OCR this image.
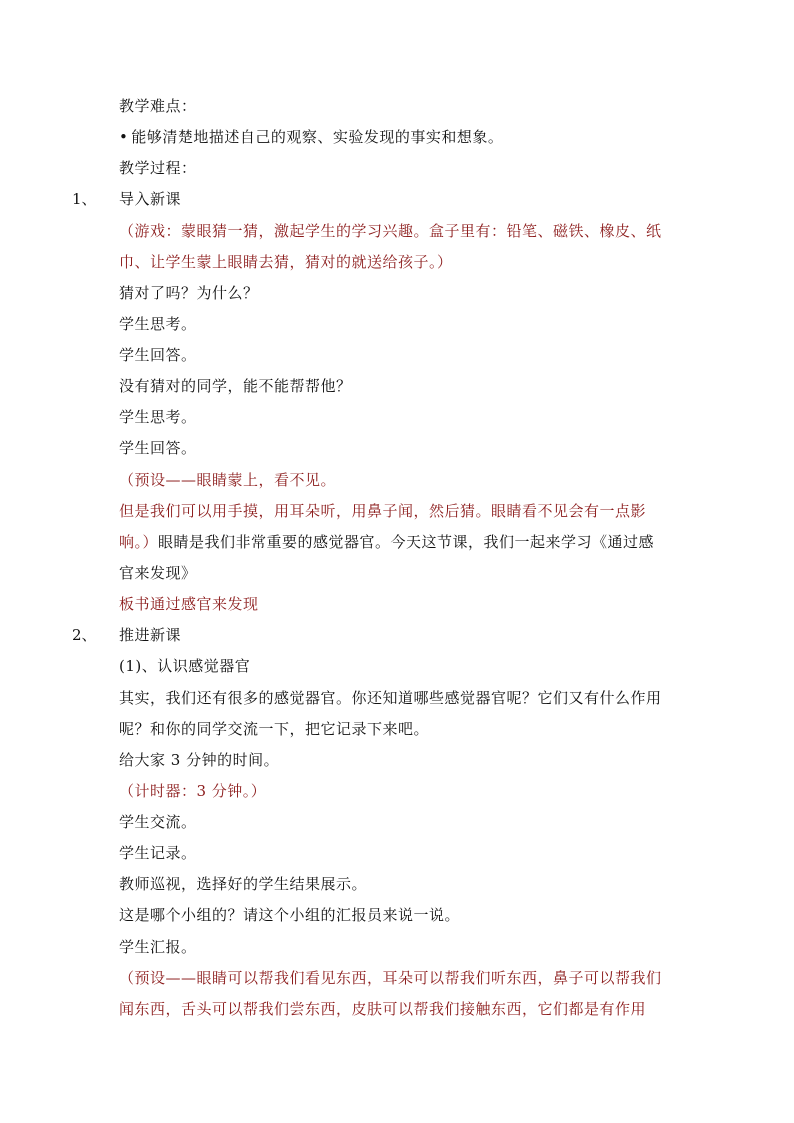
教学难点：
• 能够清楚地描述自己的观察、实验发现的事实和想象。
教学过程：
1、 导入新课
（游戏：蒙眼猜一猜，激起学生的学习兴趣。盒子里有：铅笔、磁铁、橡皮、纸
巾、让学生蒙上眼睛去猜，猜对的就送给孩子。）
猜对了吗？为什么？
学生思考。
学生回答。
没有猜对的同学，能不能帮帮他？
学生思考。
学生回答。
（预设——眼睛蒙上，看不见。
但是我们可以用手摸，用耳朵听，用鼻子闻，然后猜。眼睛看不见会有一点影
响。）眼睛是我们非常重要的感觉器官。今天这节课，我们一起来学习《通过感
官来发现》
板书通过感官来发现
2、 推进新课
(1)、认识感觉器官
其实，我们还有很多的感觉器官。你还知道哪些感觉器官呢？它们又有什么作用
呢？和你的同学交流一下，把它记录下来吧。
给大家 3 分钟的时间。
（计时器：3 分钟。）
学生交流。
学生记录。
教师巡视，选择好的学生结果展示。
这是哪个小组的？请这个小组的汇报员来说一说。
学生汇报。
（预设——眼睛可以帮我们看见东西，耳朵可以帮我们听东西，鼻子可以帮我们
闻东西，舌头可以帮我们尝东西，皮肤可以帮我们接触东西，它们都是有作用
